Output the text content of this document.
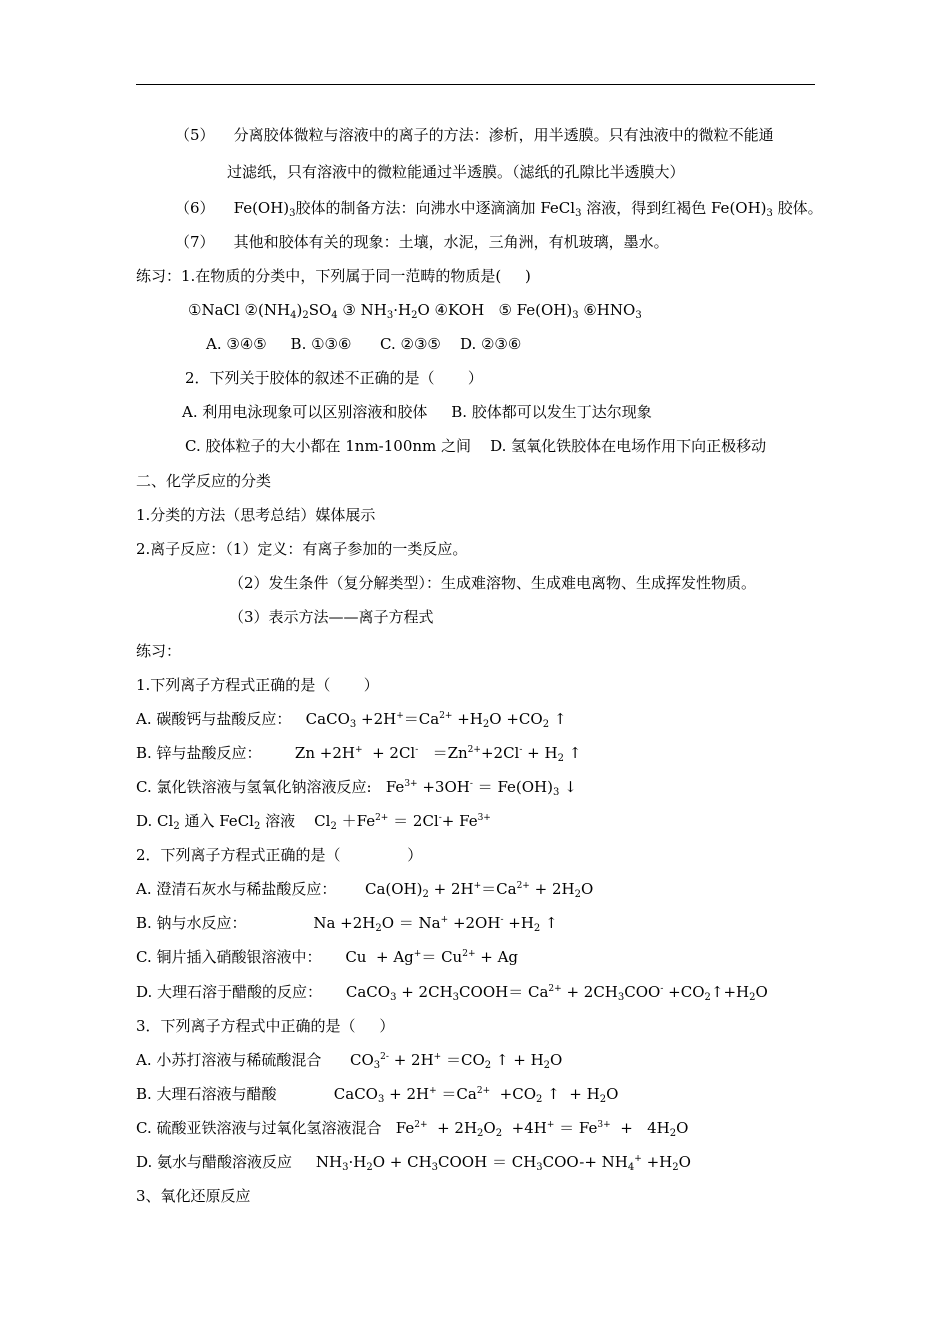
（5）    分离胶体微粒与溶液中的离子的方法：渗析，用半透膜。只有浊液中的微粒不能通
过滤纸，只有溶液中的微粒能通过半透膜。（滤纸的孔隙比半透膜大）
（6）    $Fe(OH)_3$胶体的制备方法：向沸水中逐滴滴加 FeCl$_3$ 溶液，得到红褐色 $Fe(OH)_3$ 胶体。
（7）    其他和胶体有关的现象：土壤，水泥，三角洲，有机玻璃，墨水。
练习：1.在物质的分类中，下列属于同一范畴的物质是(     )
①NaCl $②(NH_4)_2SO_4$ ③ $NH_3\cdot H_2O$ ④KOH   ⑤ $Fe(OH)_3$ $⑥HNO_3$
A. ③④⑤     B. ①③⑥      C. ②③⑤    D. ②③⑥
2．下列关于胶体的叙述不正确的是（       ）
A. 利用电泳现象可以区别溶液和胶体     B. 胶体都可以发生丁达尔现象
C. 胶体粒子的大小都在 1nm-100nm 之间    D. 氢氧化铁胶体在电场作用下向正极移动
二、化学反应的分类
1.分类的方法（思考总结）媒体展示
2.离子反应：（1）定义：有离子参加的一类反应。
（2）发生条件（复分解类型）：生成难溶物、生成难电离物、生成挥发性物质。
（3）表示方法——离子方程式
练习：
1.下列离子方程式正确的是（       ）
A. 碳酸钙与盐酸反应：   CaCO$_3$ $+2H^+=Ca^{2+} +H_2O +CO_2$ ↑
B. 锌与盐酸反应：       $Zn +2H^+ + 2Cl^- =Zn^{2+}+2Cl^- + H_2$ ↑
C. 氯化铁溶液与氢氧化钠溶液反应:   $Fe^{3+} +3OH^- = Fe(OH)_3$ ↓
D. $Cl_2$ 通入 FeCl$_2$ 溶液    $Cl_2 +Fe^{2+} = 2Cl^-+ Fe^{3+}$
2．下列离子方程式正确的是（              ）
A. 澄清石灰水与稀盐酸反应：      $Ca(OH)_2 + 2H^+=Ca^{2+} + 2H_2O$
B. 钠与水反应：              $Na +2H_2O = Na^+ +2OH^- +H_2$ ↑
C. 铜片插入硝酸银溶液中：     $Cu + Ag^+= Cu^{2+} + Ag$
D. 大理石溶于醋酸的反应：     CaCO$_3$ + $2CH_3COOH= Ca^{2+} + 2CH_3COO^-$ $+CO_2↑+H_2O$
3．下列离子方程式中正确的是（     ）
A. 小苏打溶液与稀硫酸混合      $CO_3^{2-} + 2H^+ =CO_2$ ↑ + $H_2O$
B. 大理石溶液与醋酸            CaCO$_3$ + $2H^+ =Ca^{2+} +CO_2$ ↑  + $H_2O$
C. 硫酸亚铁溶液与过氧化氢溶液混合   $Fe^{2+} + 2H_2O_2 +4H^+ = Fe^{3+} + 4H_2O$
D. 氨水与醋酸溶液反应     $NH_3\cdot H_2O$ + $CH_3COOH = CH_3COO-+ NH_4^+ +H_2O$
3、氧化还原反应
